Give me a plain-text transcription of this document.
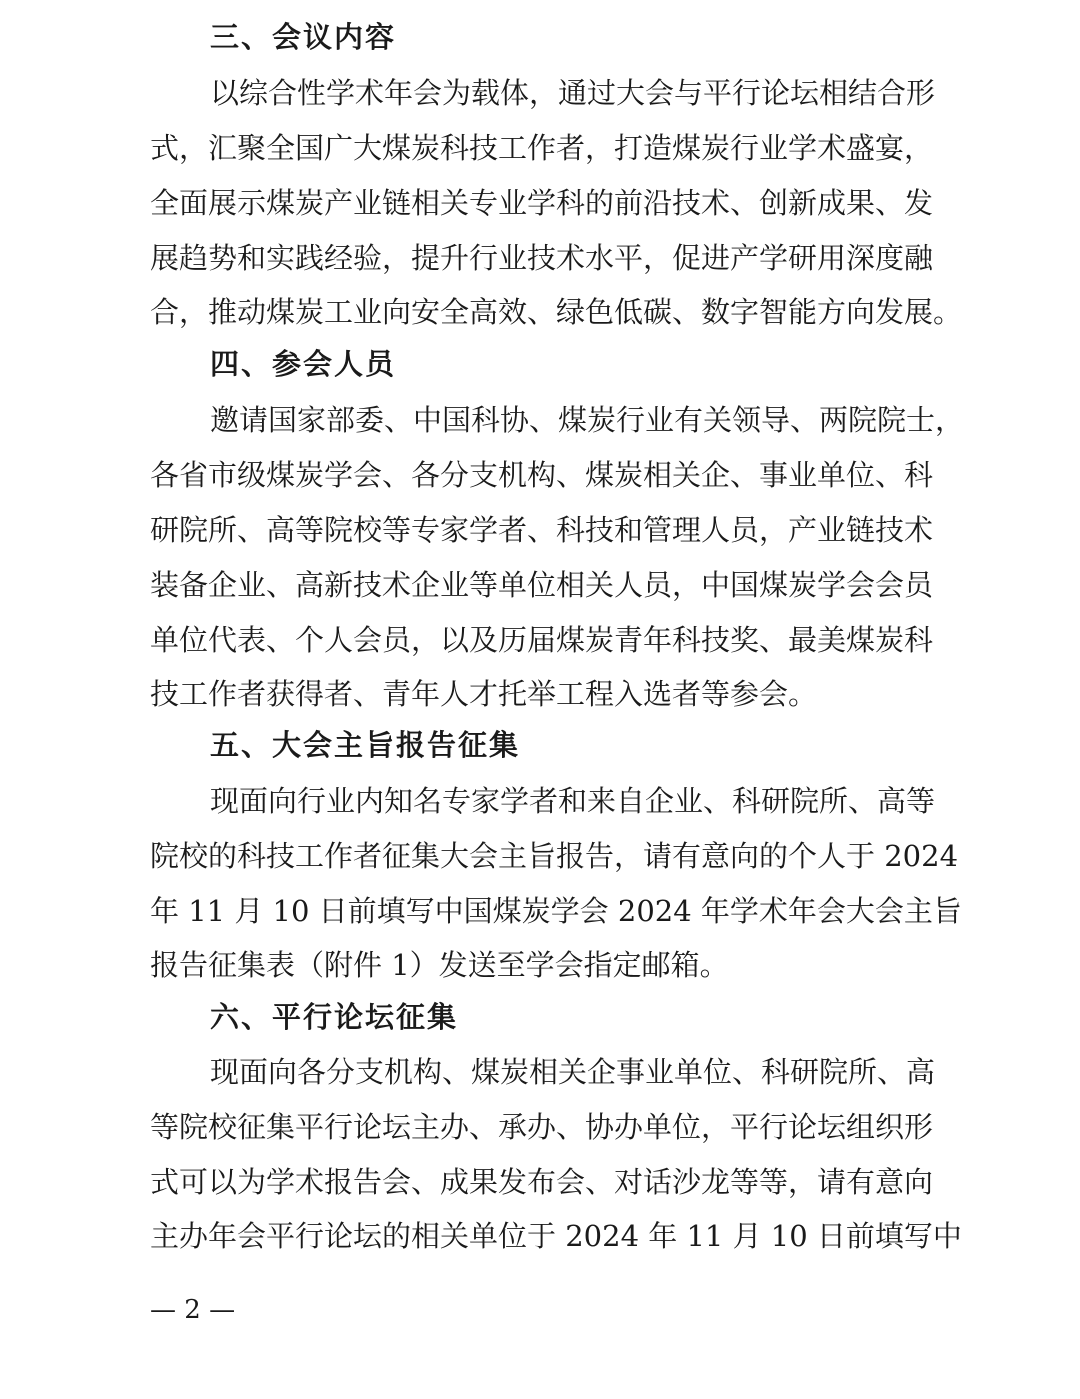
三、会议内容
以综合性学术年会为载体，通过大会与平行论坛相结合形
式，汇聚全国广大煤炭科技工作者，打造煤炭行业学术盛宴，
全面展示煤炭产业链相关专业学科的前沿技术、创新成果、发
展趋势和实践经验，提升行业技术水平，促进产学研用深度融
合，推动煤炭工业向安全高效、绿色低碳、数字智能方向发展。
四、参会人员
邀请国家部委、中国科协、煤炭行业有关领导、两院院士，
各省市级煤炭学会、各分支机构、煤炭相关企、事业单位、科
研院所、高等院校等专家学者、科技和管理人员，产业链技术
装备企业、高新技术企业等单位相关人员，中国煤炭学会会员
单位代表、个人会员，以及历届煤炭青年科技奖、最美煤炭科
技工作者获得者、青年人才托举工程入选者等参会。
五、大会主旨报告征集
现面向行业内知名专家学者和来自企业、科研院所、高等
院校的科技工作者征集大会主旨报告，请有意向的个人于 2024
年 11 月 10 日前填写中国煤炭学会 2024 年学术年会大会主旨
报告征集表（附件 1）发送至学会指定邮箱。
六、平行论坛征集
现面向各分支机构、煤炭相关企事业单位、科研院所、高
等院校征集平行论坛主办、承办、协办单位，平行论坛组织形
式可以为学术报告会、成果发布会、对话沙龙等等，请有意向
主办年会平行论坛的相关单位于 2024 年 11 月 10 日前填写中
— 2 —
